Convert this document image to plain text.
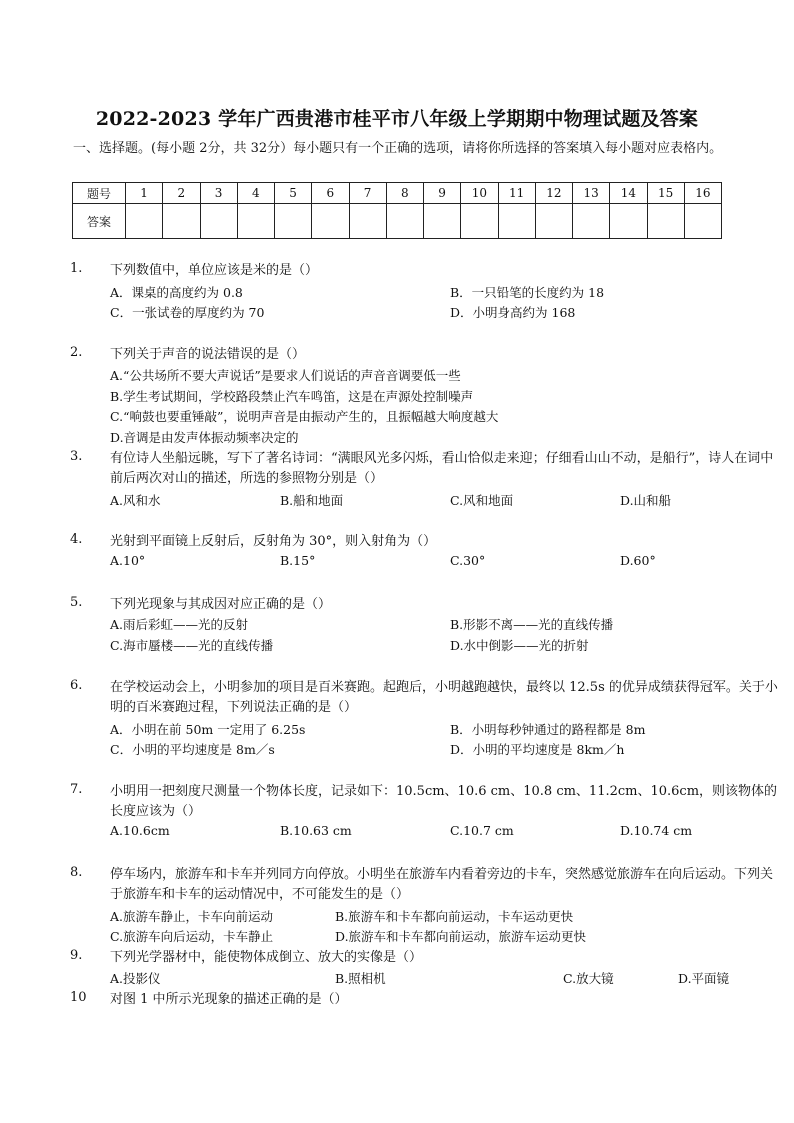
2022-2023 学年广西贵港市桂平市八年级上学期期中物理试题及答案
一、选择题。(每小题 2分，共 32分）每小题只有一个正确的选项，请将你所选择的答案填入每小题对应表格内。
题号	1	2	3	4	5	6	7	8	9	10	11	12	13	14	15	16
答案																
1. 下列数值中，单位应该是米的是（）
A．课桌的高度约为 0.8	B．一只铅笔的长度约为 18
C．一张试卷的厚度约为 70	D．小明身高约为 168
2. 下列关于声音的说法错误的是（）
A.“公共场所不要大声说话”是要求人们说话的声音音调要低一些
B.学生考试期间，学校路段禁止汽车鸣笛，这是在声源处控制噪声
C.“响鼓也要重锤敲”，说明声音是由振动产生的，且振幅越大响度越大
D.音调是由发声体振动频率决定的
3. 有位诗人坐船远眺，写下了著名诗词：“满眼风光多闪烁，看山恰似走来迎；仔细看山山不动，是船行”，诗人在词中前后两次对山的描述，所选的参照物分别是（）
A.风和水	B.船和地面	C.风和地面	D.山和船
4. 光射到平面镜上反射后，反射角为 30°，则入射角为（）
A.10°	B.15°	C.30°	D.60°
5. 下列光现象与其成因对应正确的是（）
A.雨后彩虹——光的反射	B.形影不离——光的直线传播
C.海市蜃楼——光的直线传播	D.水中倒影——光的折射
6. 在学校运动会上，小明参加的项目是百米赛跑。起跑后，小明越跑越快，最终以 12.5s 的优异成绩获得冠军。关于小明的百米赛跑过程，下列说法正确的是（）
A．小明在前 50m 一定用了 6.25s	B．小明每秒钟通过的路程都是 8m
C．小明的平均速度是 8m／s	D．小明的平均速度是 8km／h
7. 小明用一把刻度尺测量一个物体长度，记录如下：10.5cm、10.6 cm、10.8 cm、11.2cm、10.6cm，则该物体的长度应该为（）
A.10.6cm	B.10.63 cm	C.10.7 cm	D.10.74 cm
8. 停车场内，旅游车和卡车并列同方向停放。小明坐在旅游车内看着旁边的卡车，突然感觉旅游车在向后运动。下列关于旅游车和卡车的运动情况中，不可能发生的是（）
A.旅游车静止，卡车向前运动	B.旅游车和卡车都向前运动，卡车运动更快
C.旅游车向后运动，卡车静止	D.旅游车和卡车都向前运动，旅游车运动更快
9. 下列光学器材中，能使物体成倒立、放大的实像是（）
A.投影仪	B.照相机	C.放大镜	D.平面镜
10 对图 1 中所示光现象的描述正确的是（）
